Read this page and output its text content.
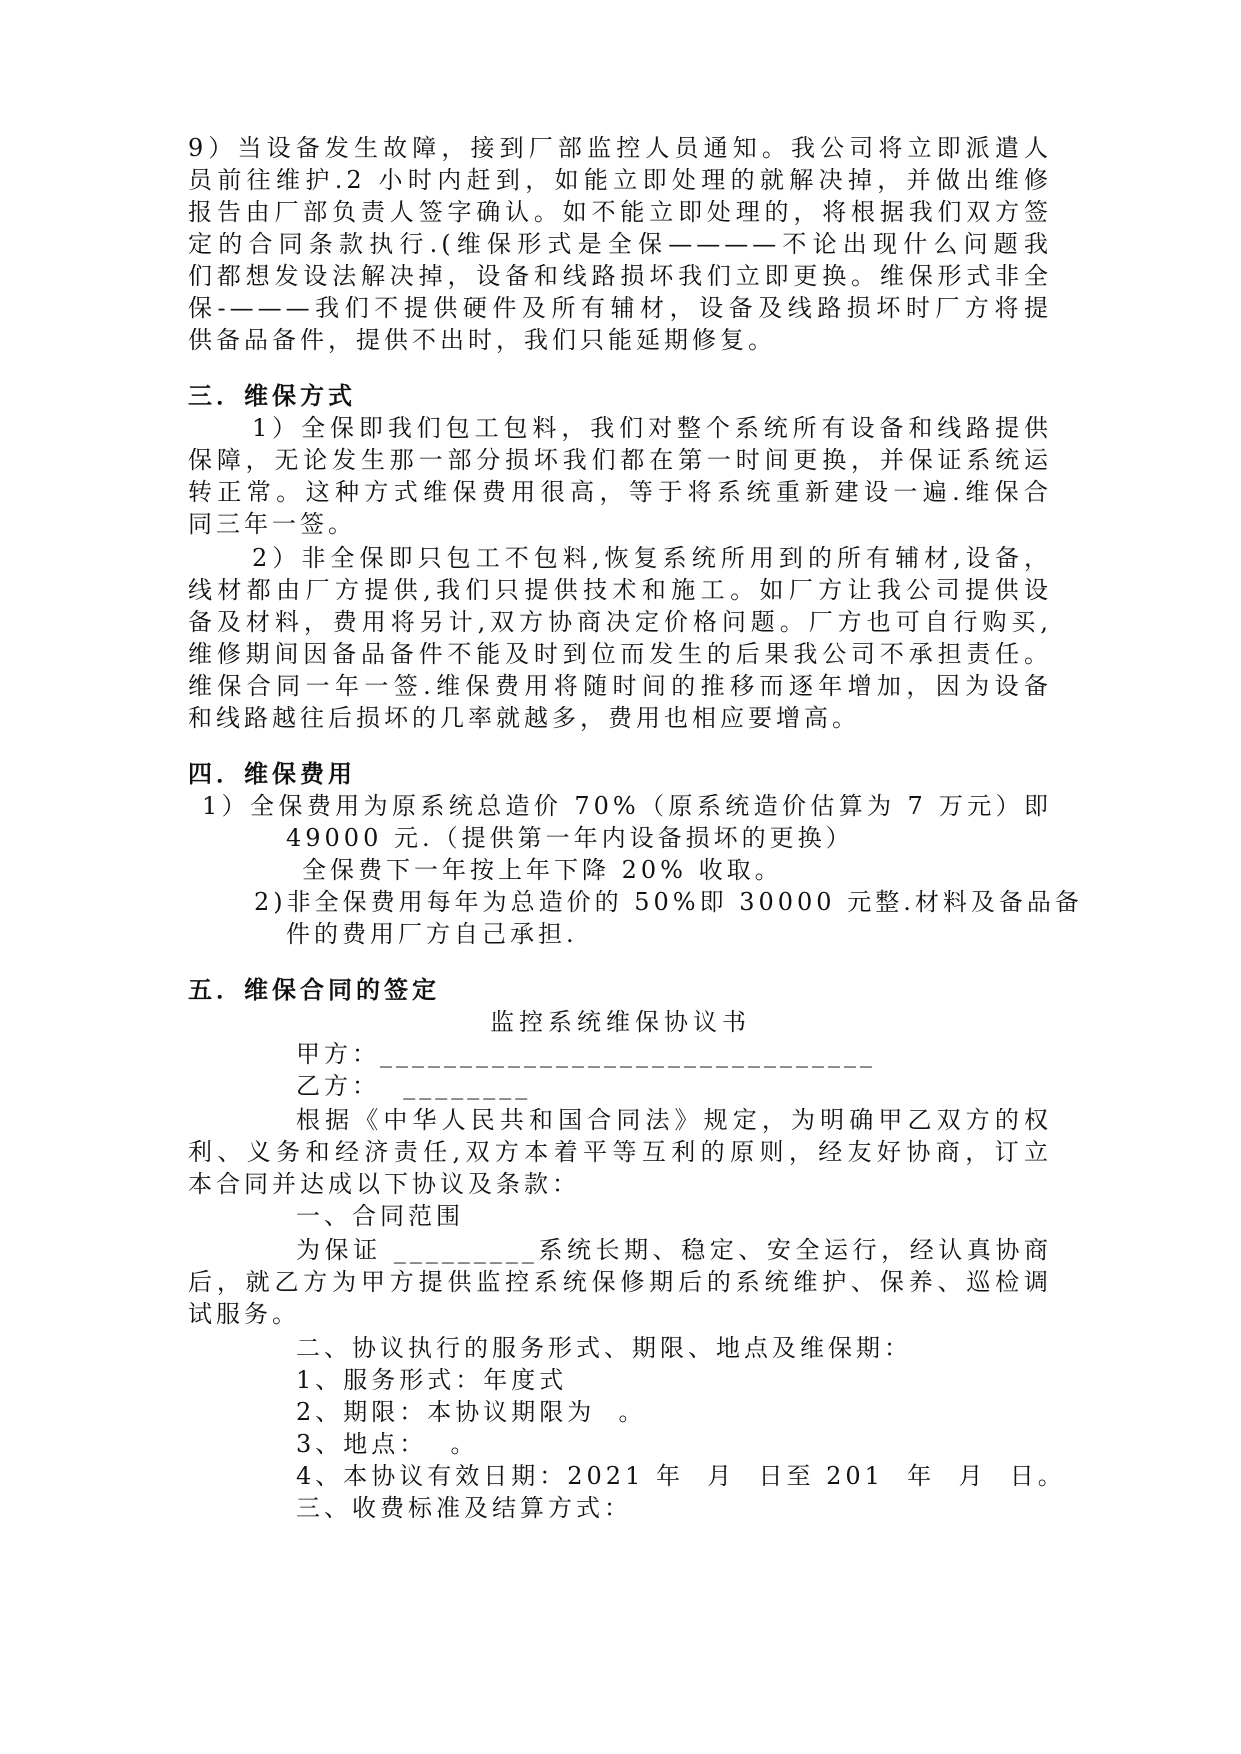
9）当设备发生故障，接到厂部监控人员通知。我公司将立即派遣人
员前往维护.2 小时内赶到，如能立即处理的就解决掉，并做出维修
报告由厂部负责人签字确认。如不能立即处理的，将根据我们双方签
定的合同条款执行.(维保形式是全保————不论出现什么问题我
们都想发设法解决掉，设备和线路损坏我们立即更换。维保形式非全
保-———我们不提供硬件及所有辅材，设备及线路损坏时厂方将提
供备品备件，提供不出时，我们只能延期修复。
三．维保方式
1）全保即我们包工包料，我们对整个系统所有设备和线路提供
保障，无论发生那一部分损坏我们都在第一时间更换，并保证系统运
转正常。这种方式维保费用很高，等于将系统重新建设一遍.维保合
同三年一签。
2）非全保即只包工不包料,恢复系统所用到的所有辅材,设备，
线材都由厂方提供,我们只提供技术和施工。如厂方让我公司提供设
备及材料，费用将另计,双方协商决定价格问题。厂方也可自行购买,
维修期间因备品备件不能及时到位而发生的后果我公司不承担责任。
维保合同一年一签.维保费用将随时间的推移而逐年增加，因为设备
和线路越往后损坏的几率就越多，费用也相应要增高。
四．维保费用
1）全保费用为原系统总造价 70%（原系统造价估算为 7 万元）即
49000 元.（提供第一年内设备损坏的更换）
全保费下一年按上年下降 20% 收取。
2)非全保费用每年为总造价的 50%即 30000 元整.材料及备品备
件的费用厂方自己承担.
五．维保合同的签定
监控系统维保协议书
甲方：_______________________________
乙方：  ________
根据《中华人民共和国合同法》规定，为明确甲乙双方的权
利、义务和经济责任,双方本着平等互利的原则，经友好协商，订立
本合同并达成以下协议及条款：
一、合同范围
为保证 _________系统长期、稳定、安全运行，经认真协商
后，就乙方为甲方提供监控系统保修期后的系统维护、保养、巡检调
试服务。
二、协议执行的服务形式、期限、地点及维保期：
1、服务形式：年度式
2、期限：本协议期限为  。
3、地点：  。
4、本协议有效日期：2021 年  月  日至 201  年  月  日。
三、收费标准及结算方式：
